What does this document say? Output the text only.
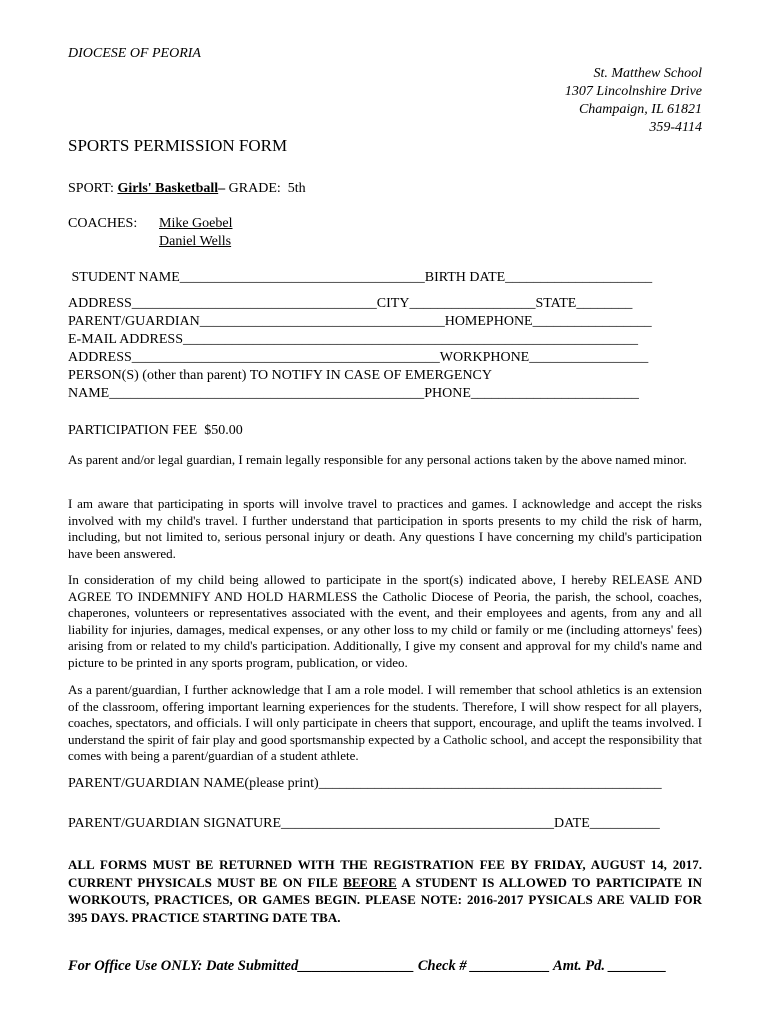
DIOCESE OF PEORIA
St. Matthew School
1307 Lincolnshire Drive
Champaign, IL 61821
359-4114
SPORTS PERMISSION FORM
SPORT: Girls' Basketball– GRADE:  5th
COACHES: Mike Goebel
Daniel Wells
STUDENT NAME___________________________________BIRTH DATE_____________________
ADDRESS___________________________________CITY__________________STATE________
PARENT/GUARDIAN___________________________________HOMEPHONE_________________
E-MAIL ADDRESS_________________________________________________________________
ADDRESS____________________________________________WORKPHONE_________________
PERSON(S) (other than parent) TO NOTIFY IN CASE OF EMERGENCY
NAME_____________________________________________PHONE________________________
PARTICIPATION FEE  $50.00
As parent and/or legal guardian, I remain legally responsible for any personal actions taken by the above named minor.
I am aware that participating in sports will involve travel to practices and games. I acknowledge and accept the risks involved with my child's travel. I further understand that participation in sports presents to my child the risk of harm, including, but not limited to, serious personal injury or death. Any questions I have concerning my child's participation have been answered.
In consideration of my child being allowed to participate in the sport(s) indicated above, I hereby RELEASE AND AGREE TO INDEMNIFY AND HOLD HARMLESS the Catholic Diocese of Peoria, the parish, the school, coaches, chaperones, volunteers or representatives associated with the event, and their employees and agents, from any and all liability for injuries, damages, medical expenses, or any other loss to my child or family or me (including attorneys' fees) arising from or related to my child's participation. Additionally, I give my consent and approval for my child's name and picture to be printed in any sports program, publication, or video.
As a parent/guardian, I further acknowledge that I am a role model. I will remember that school athletics is an extension of the classroom, offering important learning experiences for the students. Therefore, I will show respect for all players, coaches, spectators, and officials. I will only participate in cheers that support, encourage, and uplift the teams involved. I understand the spirit of fair play and good sportsmanship expected by a Catholic school, and accept the responsibility that comes with being a parent/guardian of a student athlete.
PARENT/GUARDIAN NAME(please print)_________________________________________________
PARENT/GUARDIAN SIGNATURE_______________________________________DATE__________
ALL FORMS MUST BE RETURNED WITH THE REGISTRATION FEE BY FRIDAY, AUGUST 14, 2017. CURRENT PHYSICALS MUST BE ON FILE BEFORE A STUDENT IS ALLOWED TO PARTICIPATE IN WORKOUTS, PRACTICES, OR GAMES BEGIN. PLEASE NOTE: 2016-2017 PYSICALS ARE VALID FOR 395 DAYS. PRACTICE STARTING DATE TBA.
For Office Use ONLY: Date Submitted________________ Check # ___________ Amt. Pd. ________
